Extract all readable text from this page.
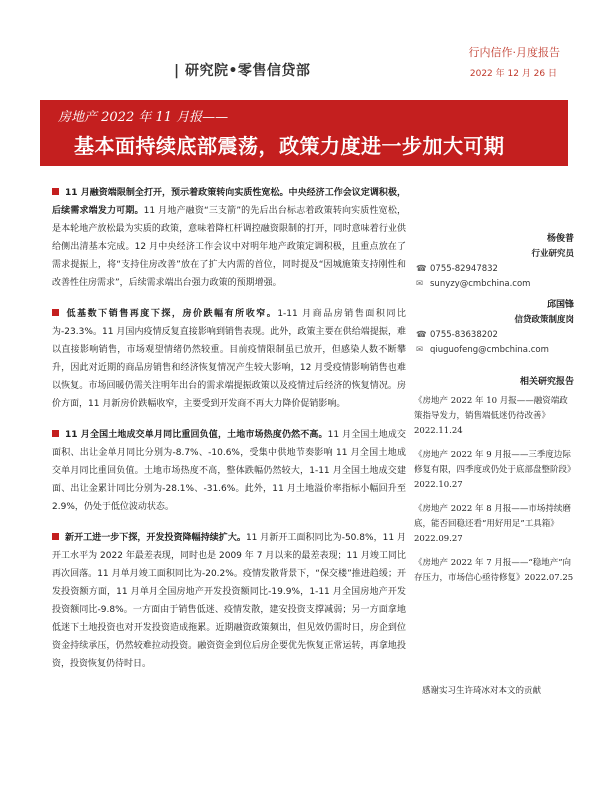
| 研究院•零售信贷部
行内信作·月度报告
2022 年 12 月 26 日
房地产 2022 年 11 月报——
基本面持续底部震荡，政策力度进一步加大可期

11 月融资端限制全打开，预示着政策转向实质性宽松。中央经济工作会议定调积极，后续需求端发力可期。11 月地产融资“三支箭”的先后出台标志着政策转向实质性宽松，是本轮地产放松最为实质的政策，意味着降杠杆调控融资限制的打开，同时意味着行业供给侧出清基本完成。12 月中央经济工作会议中对明年地产政策定调积极，且重点放在了需求提振上，将“支持住房改善”放在了扩大内需的首位，同时提及“因城施策支持刚性和改善性住房需求”，后续需求端出台强力政策的预期增强。

低基数下销售再度下探，房价跌幅有所收窄。1-11 月商品房销售面积同比为-23.3%。11 月国内疫情反复直接影响到销售表现。此外，政策主要在供给端提振，难以直接影响销售，市场观望情绪仍然较重。目前疫情限制虽已放开，但感染人数不断攀升，因此对近期的商品房销售和经济恢复情况产生较大影响，12 月受疫情影响销售也难以恢复。市场回暖仍需关注明年出台的需求端提振政策以及疫情过后经济的恢复情况。房价方面，11 月新房价跌幅收窄，主要受到开发商不再大力降价促销影响。

11 月全国土地成交单月同比重回负值，土地市场热度仍然不高。11 月全国土地成交面积、出让金单月同比分别为-8.7%、-10.6%，受集中供地节奏影响 11 月全国土地成交单月同比重回负值。土地市场热度不高，整体跌幅仍然较大，1-11 月全国土地成交建面、出让金累计同比分别为-28.1%、-31.6%。此外，11 月土地溢价率指标小幅回升至 2.9%，仍处于低位波动状态。

新开工进一步下探，开发投资降幅持续扩大。11 月新开工面积同比为-50.8%，11 月开工水平为 2022 年最差表现，同时也是 2009 年 7 月以来的最差表现；11 月竣工同比再次回落。11 月单月竣工面积同比为-20.2%。疫情发散背景下，“保交楼”推进趋缓；开发投资额方面，11 月单月全国房地产开发投资额同比-19.9%，1-11 月全国房地产开发投资额同比-9.8%。一方面由于销售低迷、疫情发散，建安投资支撑减弱；另一方面拿地低迷下土地投资也对开发投资造成拖累。近期融资政策频出，但见效仍需时日，房企到位资金持续承压，仍然较难拉动投资。融资资金到位后房企要优先恢复正常运转，再拿地投资，投资恢复仍待时日。

杨俊普
行业研究员
☎ 0755-82947832
✉ sunyzy@cmbchina.com
邱国锋
信贷政策制度岗
☎ 0755-83638202
✉ qiuguofeng@cmbchina.com
相关研究报告
《房地产 2022 年 10 月报——融资端政策指导发力，销售端低迷仍待改善》2022.11.24
《房地产 2022 年 9 月报——三季度边际修复有限，四季度或仍处于底部盘整阶段》2022.10.27
《房地产 2022 年 8 月报——市场持续磨底，能否回稳还看“用好用足”工具箱》2022.09.27
《房地产 2022 年 7 月报——“稳地产”向存压力，市场信心亟待修复》2022.07.25
感谢实习生许琦冰对本文的贡献
